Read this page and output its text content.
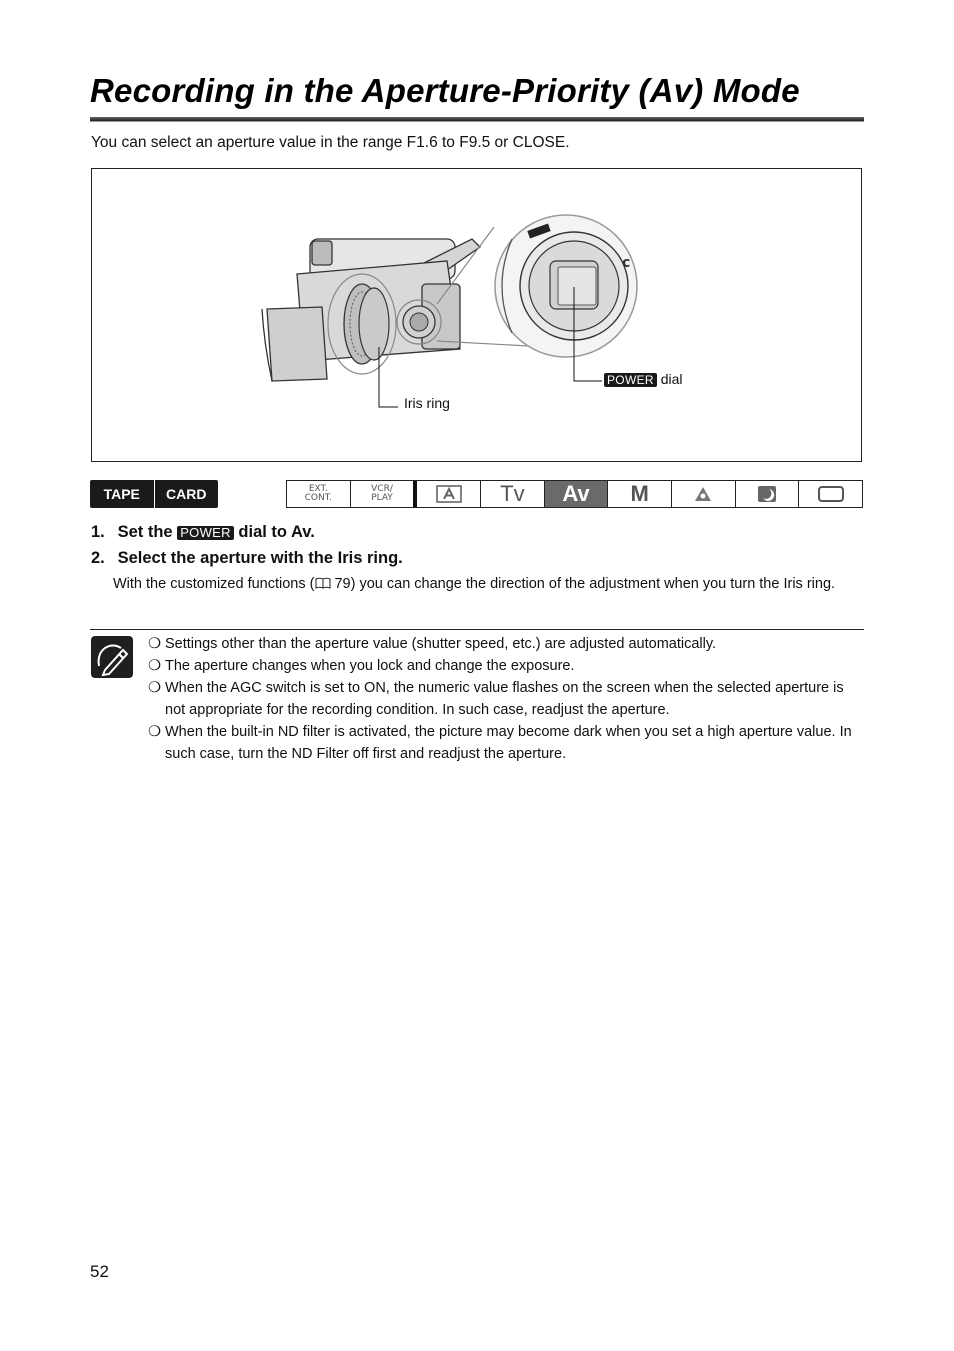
Recording in the Aperture-Priority (Av) Mode
You can select an aperture value in the range F1.6 to F9.5 or CLOSE.
c
POWER dial
Iris ring
TAPE	CARD	EXT.
CONT.
VCR/
PLAY	Tv Av M
1. Set the POWER dial to Av.
2. Select the aperture with the Iris ring.
With the customized functions ( 79) you can change the direction of the adjustment when you turn the Iris ring.
❍ Settings other than the aperture value (shutter speed, etc.) are adjusted automatically.
❍ The aperture changes when you lock and change the exposure.
❍ When the AGC switch is set to ON, the numeric value flashes on the screen when the selected aperture is not appropriate for the recording condition. In such case, readjust the aperture.
❍ When the built-in ND filter is activated, the picture may become dark when you set a high aperture value. In such case, turn the ND Filter off first and readjust the aperture.
52
